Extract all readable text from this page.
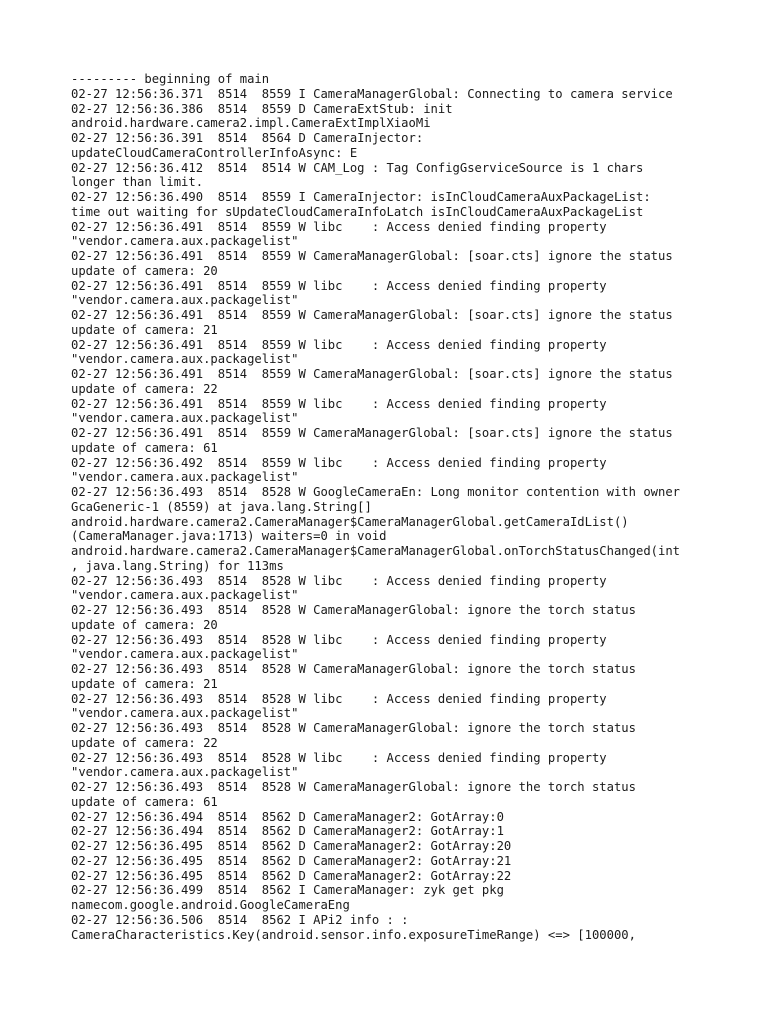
--------- beginning of main
02-27 12:56:36.371  8514  8559 I CameraManagerGlobal: Connecting to camera service
02-27 12:56:36.386  8514  8559 D CameraExtStub: init
android.hardware.camera2.impl.CameraExtImplXiaoMi
02-27 12:56:36.391  8514  8564 D CameraInjector:
updateCloudCameraControllerInfoAsync: E
02-27 12:56:36.412  8514  8514 W CAM_Log : Tag ConfigGserviceSource is 1 chars
longer than limit.
02-27 12:56:36.490  8514  8559 I CameraInjector: isInCloudCameraAuxPackageList:
time out waiting for sUpdateCloudCameraInfoLatch isInCloudCameraAuxPackageList
02-27 12:56:36.491  8514  8559 W libc    : Access denied finding property
"vendor.camera.aux.packagelist"
02-27 12:56:36.491  8514  8559 W CameraManagerGlobal: [soar.cts] ignore the status
update of camera: 20
02-27 12:56:36.491  8514  8559 W libc    : Access denied finding property
"vendor.camera.aux.packagelist"
02-27 12:56:36.491  8514  8559 W CameraManagerGlobal: [soar.cts] ignore the status
update of camera: 21
02-27 12:56:36.491  8514  8559 W libc    : Access denied finding property
"vendor.camera.aux.packagelist"
02-27 12:56:36.491  8514  8559 W CameraManagerGlobal: [soar.cts] ignore the status
update of camera: 22
02-27 12:56:36.491  8514  8559 W libc    : Access denied finding property
"vendor.camera.aux.packagelist"
02-27 12:56:36.491  8514  8559 W CameraManagerGlobal: [soar.cts] ignore the status
update of camera: 61
02-27 12:56:36.492  8514  8559 W libc    : Access denied finding property
"vendor.camera.aux.packagelist"
02-27 12:56:36.493  8514  8528 W GoogleCameraEn: Long monitor contention with owner
GcaGeneric-1 (8559) at java.lang.String[]
android.hardware.camera2.CameraManager$CameraManagerGlobal.getCameraIdList()
(CameraManager.java:1713) waiters=0 in void
android.hardware.camera2.CameraManager$CameraManagerGlobal.onTorchStatusChanged(int
, java.lang.String) for 113ms
02-27 12:56:36.493  8514  8528 W libc    : Access denied finding property
"vendor.camera.aux.packagelist"
02-27 12:56:36.493  8514  8528 W CameraManagerGlobal: ignore the torch status
update of camera: 20
02-27 12:56:36.493  8514  8528 W libc    : Access denied finding property
"vendor.camera.aux.packagelist"
02-27 12:56:36.493  8514  8528 W CameraManagerGlobal: ignore the torch status
update of camera: 21
02-27 12:56:36.493  8514  8528 W libc    : Access denied finding property
"vendor.camera.aux.packagelist"
02-27 12:56:36.493  8514  8528 W CameraManagerGlobal: ignore the torch status
update of camera: 22
02-27 12:56:36.493  8514  8528 W libc    : Access denied finding property
"vendor.camera.aux.packagelist"
02-27 12:56:36.493  8514  8528 W CameraManagerGlobal: ignore the torch status
update of camera: 61
02-27 12:56:36.494  8514  8562 D CameraManager2: GotArray:0
02-27 12:56:36.494  8514  8562 D CameraManager2: GotArray:1
02-27 12:56:36.495  8514  8562 D CameraManager2: GotArray:20
02-27 12:56:36.495  8514  8562 D CameraManager2: GotArray:21
02-27 12:56:36.495  8514  8562 D CameraManager2: GotArray:22
02-27 12:56:36.499  8514  8562 I CameraManager: zyk get pkg
namecom.google.android.GoogleCameraEng
02-27 12:56:36.506  8514  8562 I APi2 info : :
CameraCharacteristics.Key(android.sensor.info.exposureTimeRange) <=> [100000,
